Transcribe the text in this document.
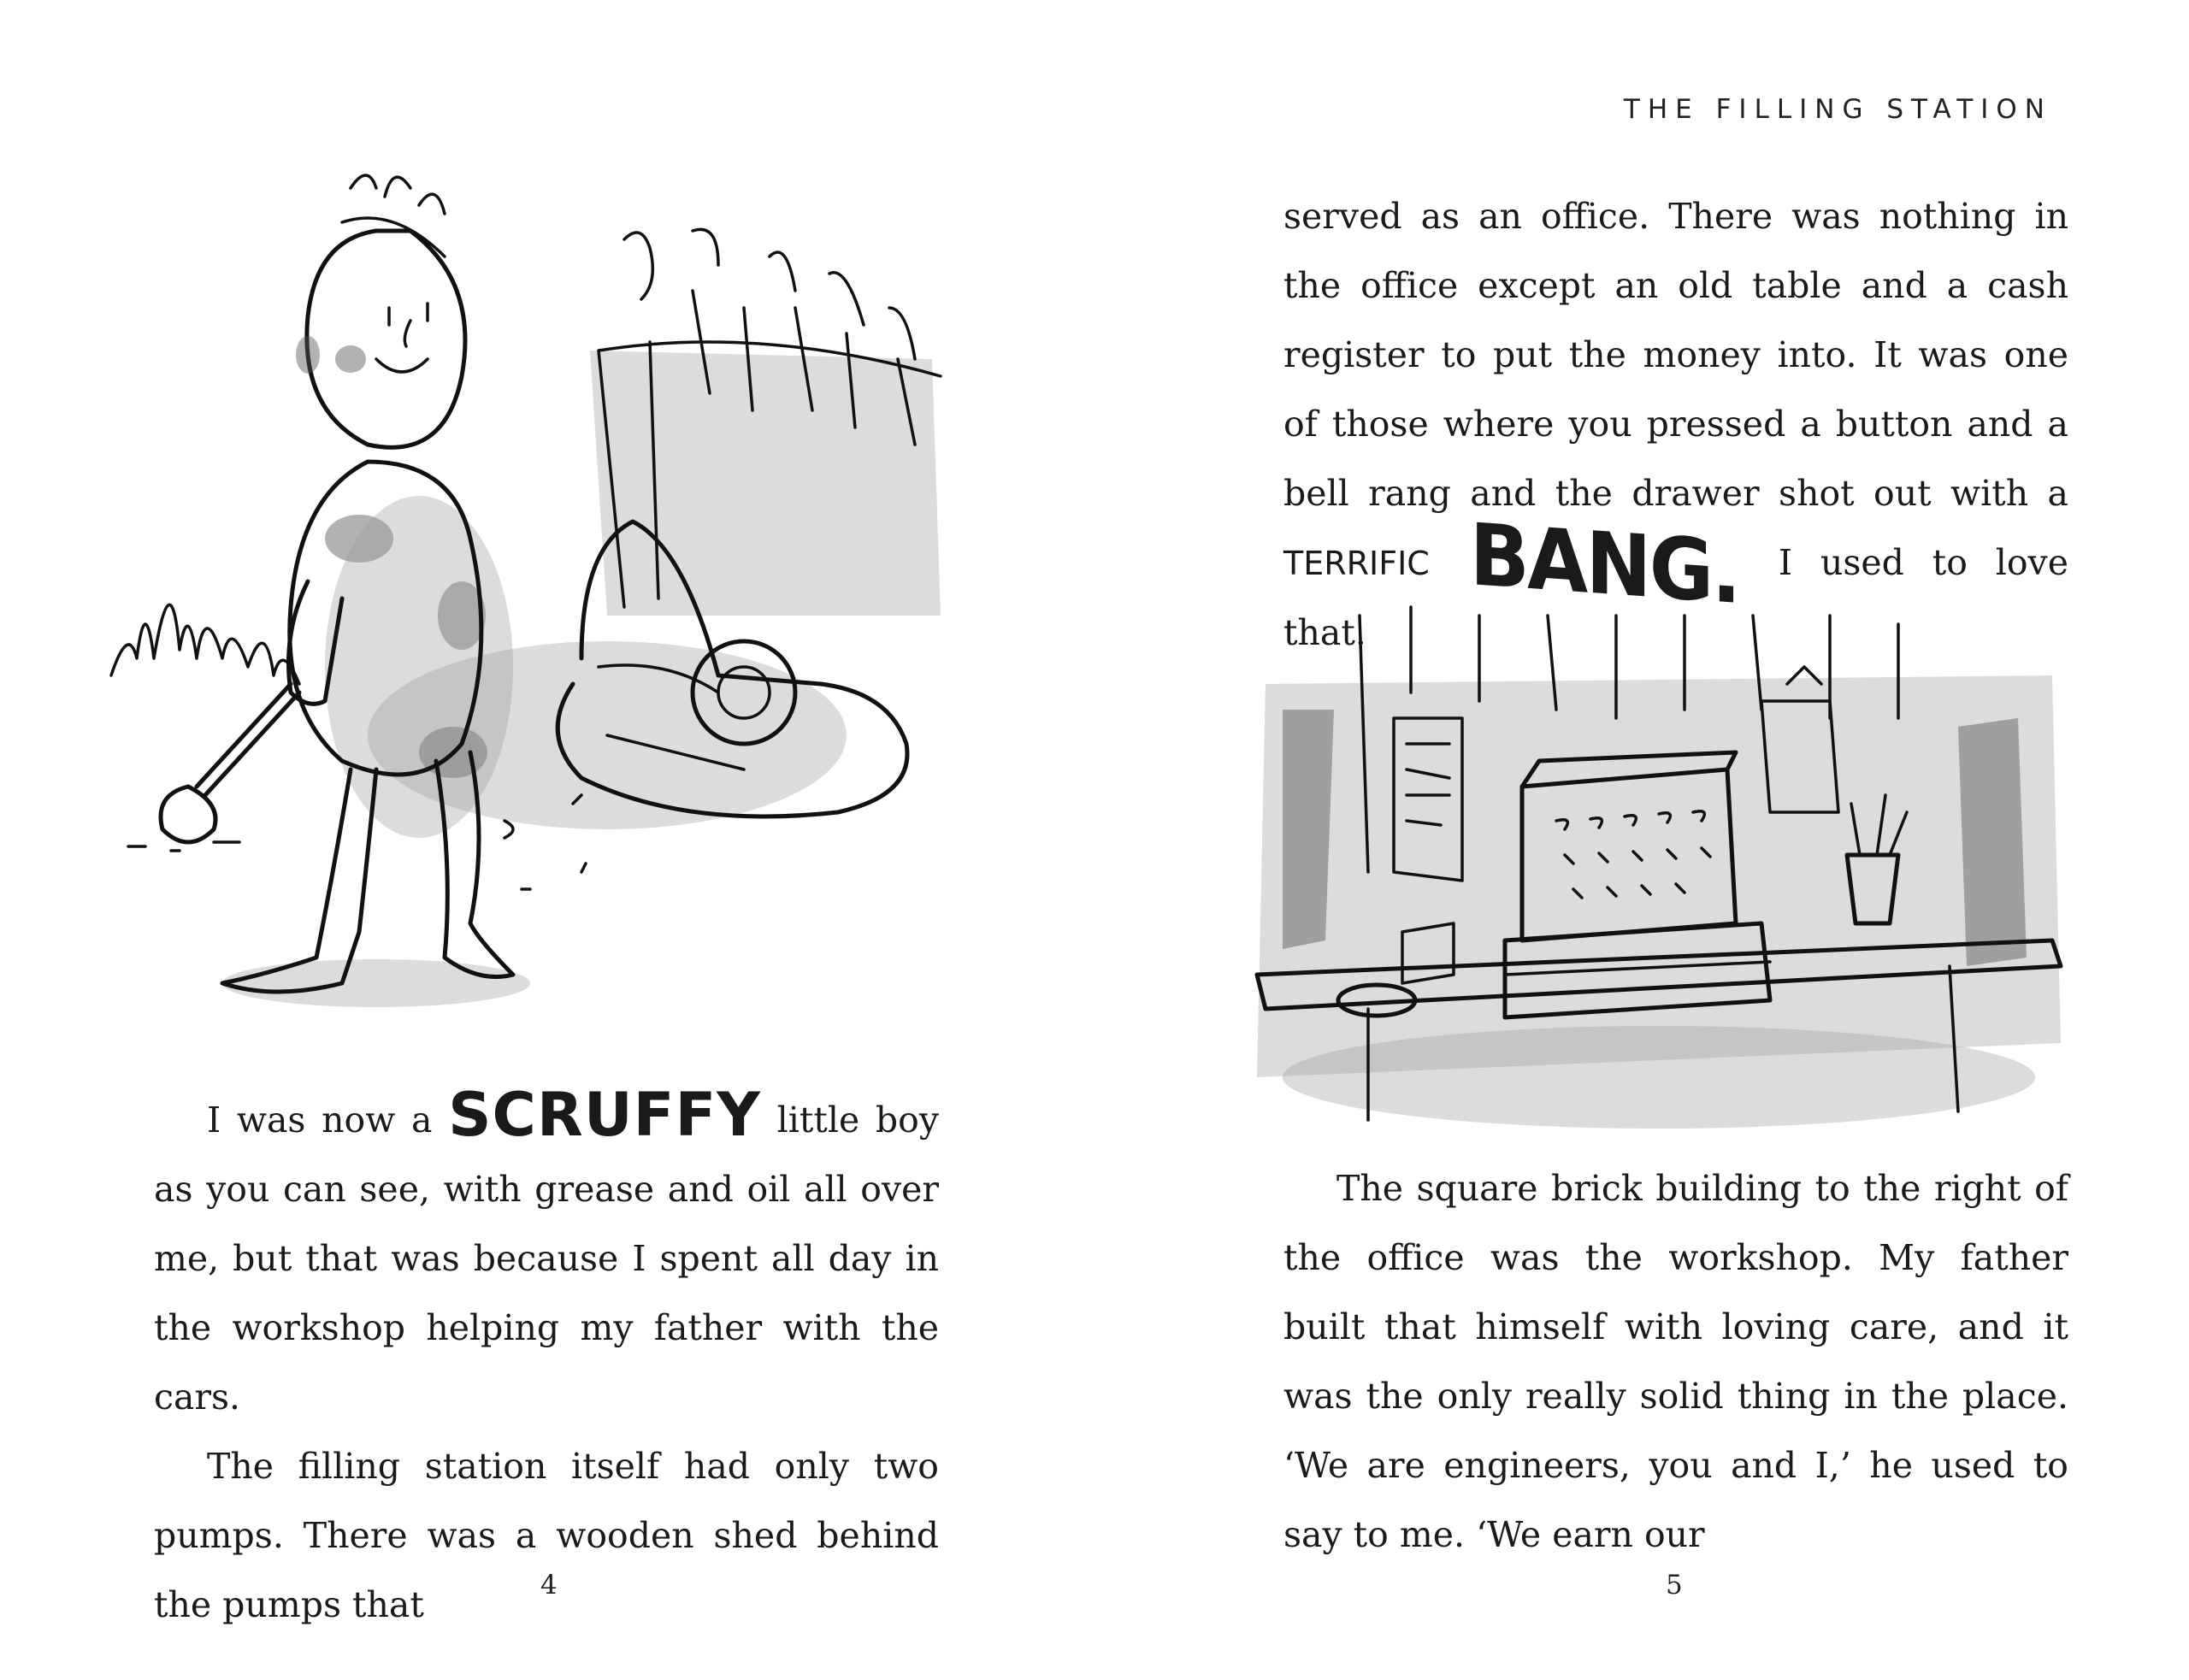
I was now a SCRUFFY little boy as you can see, with grease and oil all over me, but that was because I spent all day in the workshop helping my father with the cars.

The filling station itself had only two pumps. There was a wooden shed behind the pumps that	4
THE FILLING STATION

served as an office. There was nothing in the office except an old table and a cash register to put the money into. It was one of those where you pressed a button and a bell rang and the drawer shot out with a TERRIFIC BANG. I used to love that.

The square brick building to the right of the office was the workshop. My father built that himself with loving care, and it was the only really solid thing in the place. ‘We are engineers, you and I,’ he used to say to me. ‘We earn our

5
